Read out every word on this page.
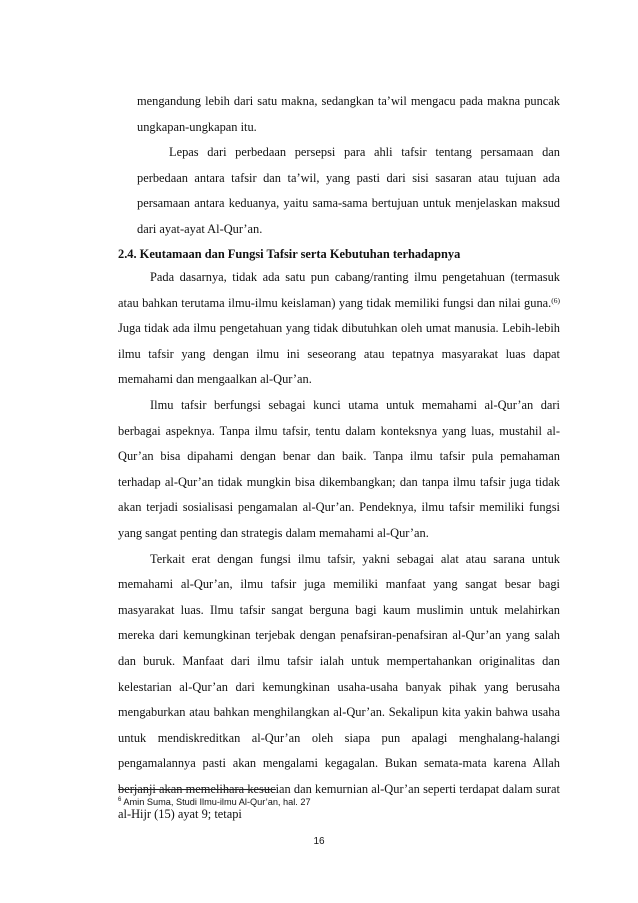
mengandung lebih dari satu makna, sedangkan ta’wil mengacu pada makna puncak ungkapan-ungkapan itu.

Lepas dari perbedaan persepsi para ahli tafsir tentang persamaan dan perbedaan antara tafsir dan ta’wil, yang pasti dari sisi sasaran atau tujuan ada persamaan antara keduanya, yaitu sama-sama bertujuan untuk menjelaskan maksud dari ayat-ayat Al-Qur’an.

2.4. Keutamaan dan Fungsi Tafsir serta Kebutuhan terhadapnya

Pada dasarnya, tidak ada satu pun cabang/ranting ilmu pengetahuan (termasuk atau bahkan terutama ilmu-ilmu keislaman) yang tidak memiliki fungsi dan nilai guna.$^{(6)}$ Juga tidak ada ilmu pengetahuan yang tidak dibutuhkan oleh umat manusia. Lebih-lebih ilmu tafsir yang dengan ilmu ini seseorang atau tepatnya masyarakat luas dapat memahami dan mengaalkan al-Qur’an.

Ilmu tafsir berfungsi sebagai kunci utama untuk memahami al-Qur’an dari berbagai aspeknya. Tanpa ilmu tafsir, tentu dalam konteksnya yang luas, mustahil al-Qur’an bisa dipahami dengan benar dan baik. Tanpa ilmu tafsir pula pemahaman terhadap al-Qur’an tidak mungkin bisa dikembangkan; dan tanpa ilmu tafsir juga tidak akan terjadi sosialisasi pengamalan al-Qur’an. Pendeknya, ilmu tafsir memiliki fungsi yang sangat penting dan strategis dalam memahami al-Qur’an.

Terkait erat dengan fungsi ilmu tafsir, yakni sebagai alat atau sarana untuk memahami al-Qur’an, ilmu tafsir juga memiliki manfaat yang sangat besar bagi masyarakat luas. Ilmu tafsir sangat berguna bagi kaum muslimin untuk melahirkan mereka dari kemungkinan terjebak dengan penafsiran-penafsiran al-Qur’an yang salah dan buruk. Manfaat dari ilmu tafsir ialah untuk mempertahankan originalitas dan kelestarian al-Qur’an dari kemungkinan usaha-usaha banyak pihak yang berusaha mengaburkan atau bahkan menghilangkan al-Qur’an. Sekalipun kita yakin bahwa usaha untuk mendiskreditkan al-Qur’an oleh siapa pun apalagi menghalang-halangi pengamalannya pasti akan mengalami kegagalan. Bukan semata-mata karena Allah berjanji akan memelihara kesucian dan kemurnian al-Qur’an seperti terdapat dalam surat al-Hijr (15) ayat 9; tetapi

$^6$ Amin Suma, Studi Ilmu-ilmu Al-Qur’an, hal. 27
16
